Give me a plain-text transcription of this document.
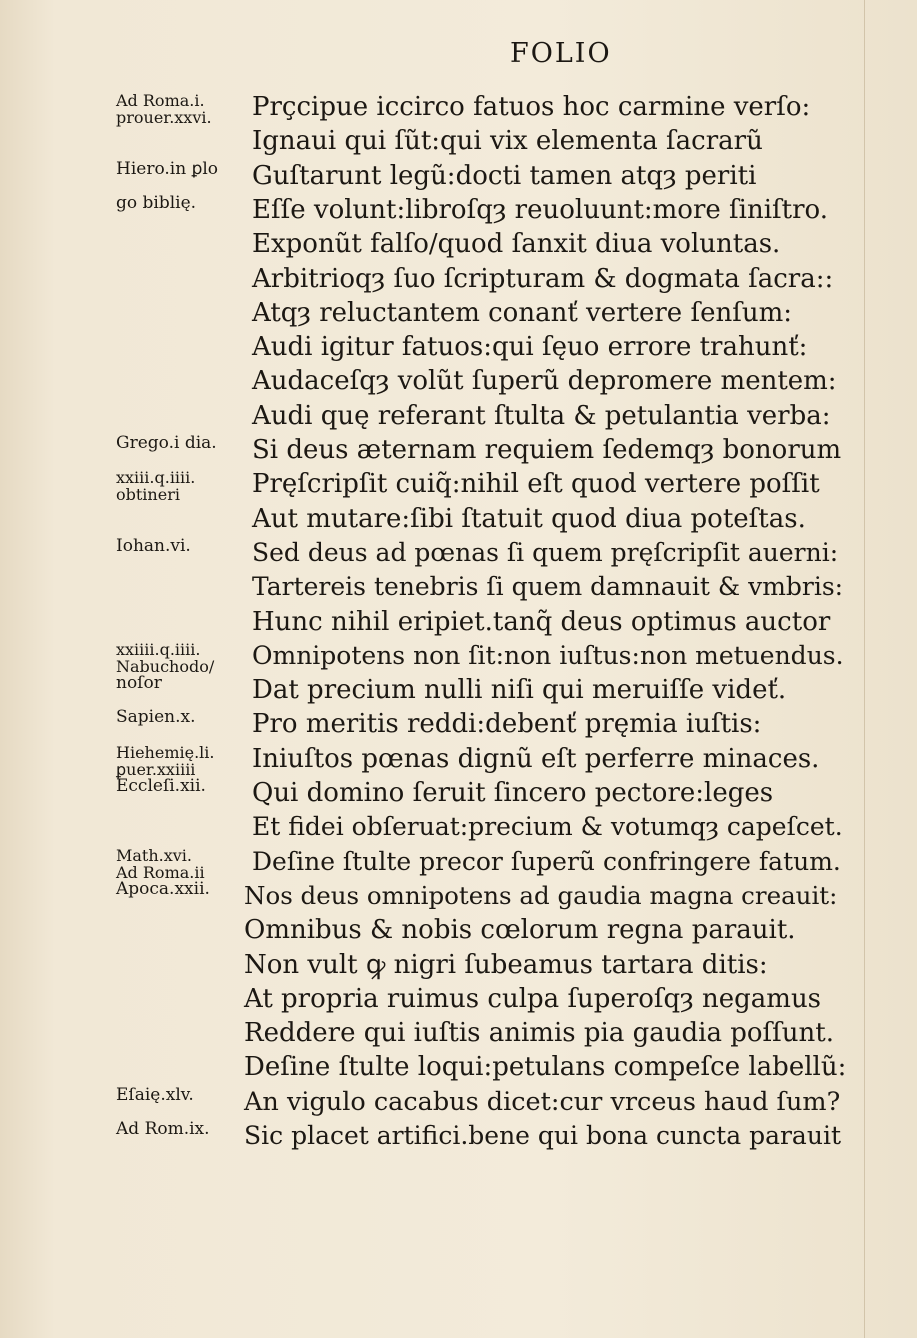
FOLIO
Ad Roma.i.
prouer.xxvi.	Prçcipue iccirco fatuos hoc carmine verſo:
Ignaui qui ſũt:qui vix elementa ſacrarũ
Hiero.in ꝑlo	Guſtarunt legũ:docti tamen atqȝ periti
go biblię.	Eſſe volunt:libroſqȝ reuoluunt:more ſiniſtro.
Exponũt falſo/quod ſanxit diua voluntas.
Arbitrioqȝ ſuo ſcripturam & dogmata ſacra::
Atqȝ reluctantem conanť vertere ſenſum:
Audi igitur fatuos:qui ſęuo errore trahunť:
Audaceſqȝ volũt ſuperũ depromere mentem:
Audi quę referant ſtulta & petulantia verba:
Grego.i dia.	Si deus æternam requiem ſedemqȝ bonorum
xxiii.q.iiii.
obtineri	Pręſcripſit cuiq̃:nihil eſt quod vertere poſſit
Aut mutare:ſibi ſtatuit quod diua poteſtas.
Iohan.vi.	Sed deus ad pœnas ſi quem pręſcripſit auerni:
Tartereis tenebris ſi quem damnauit & vmbris:
Hunc nihil eripiet.tanq̃ deus optimus auctor
xxiiii.q.iiii.
Nabuchodo/	Omnipotens non ſit:non iuſtus:non metuendus.
noſor	Dat precium nulli niſi qui meruiſſe videť.
Sapien.x.	Pro meritis reddi:debenť pręmia iuſtis:
Hiehemię.li.
ꝑuer.xxiiii	Iniuſtos pœnas dignũ eſt perferre minaces.
Eccleſi.xii.	Qui domino ſeruit ſincero pectore:leges
Et fidei obſeruat:precium & votumqȝ capeſcet.
Math.xvi.
Ad Roma.ii	Deſine ſtulte precor ſuperũ confringere fatum.
Apoca.xxii.	Nos deus omnipotens ad gaudia magna creauit:
Omnibus & nobis cœlorum regna parauit.
Non vult ꝙ nigri ſubeamus tartara ditis:
At propria ruimus culpa ſuperoſqȝ negamus
Reddere qui iuſtis animis pia gaudia poſſunt.
Deſine ſtulte loqui:petulans compeſce labellũ:
Eſaię.xlv.	An vigulo cacabus dicet:cur vrceus haud ſum?
Ad Rom.ix.	Sic placet artifici.bene qui bona cuncta parauit
